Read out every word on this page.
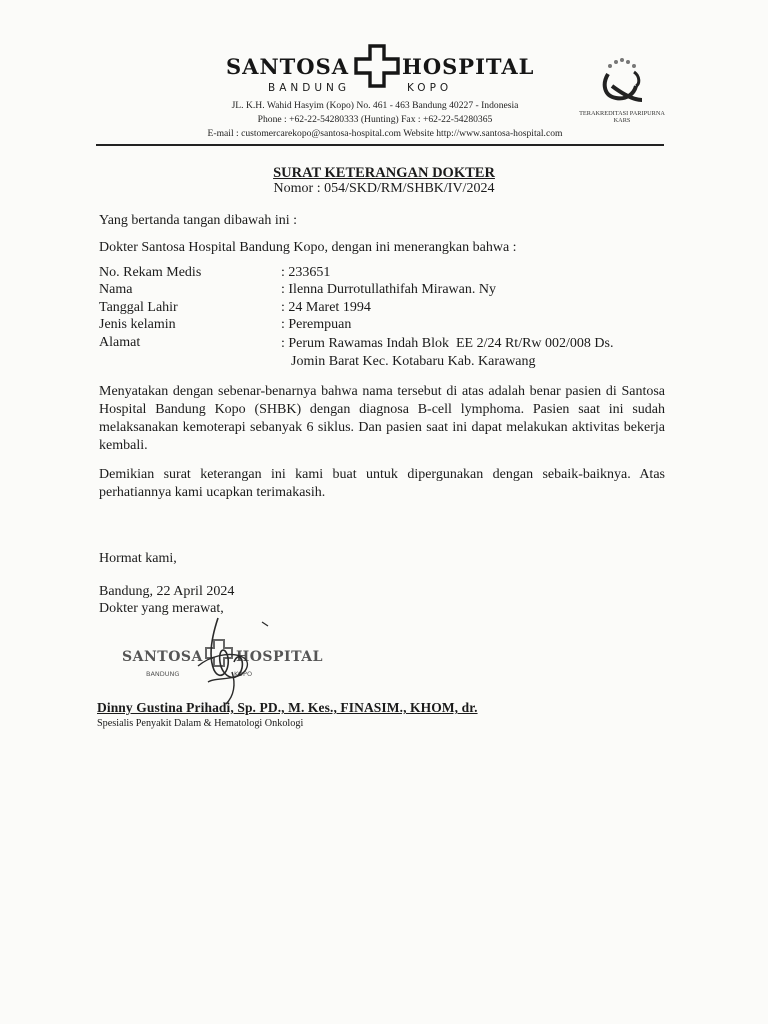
SANTOSA	HOSPITAL
BANDUNG	KOPO
JL. K.H. Wahid Hasyim (Kopo) No. 461 - 463 Bandung 40227 - Indonesia
Phone : +62-22-54280333 (Hunting) Fax : +62-22-54280365
E-mail : customercarekopo@santosa-hospital.com Website http://www.santosa-hospital.com
TERAKREDITASI PARIPURNA
KARS
SURAT KETERANGAN DOKTER
Nomor : 054/SKD/RM/SHBK/IV/2024
Yang bertanda tangan dibawah ini :
Dokter Santosa Hospital Bandung Kopo, dengan ini menerangkan bahwa :
No. Rekam Medis	: 233651
Nama	: Ilenna Durrotullathifah Mirawan. Ny
Tanggal Lahir	: 24 Maret 1994
Jenis kelamin	: Perempuan
Alamat	: Perum Rawamas Indah Blok  EE 2/24 Rt/Rw 002/008 Ds.
Jomin Barat Kec. Kotabaru Kab. Karawang
Menyatakan dengan sebenar-benarnya bahwa nama tersebut di atas adalah benar pasien di Santosa Hospital Bandung Kopo (SHBK) dengan diagnosa B-cell lymphoma. Pasien saat ini sudah melaksanakan kemoterapi sebanyak 6 siklus. Dan pasien saat ini dapat melakukan aktivitas bekerja kembali.
Demikian surat keterangan ini kami buat untuk dipergunakan dengan sebaik-baiknya. Atas perhatiannya kami ucapkan terimakasih.
Hormat kami,
Bandung, 22 April 2024
Dokter yang merawat,
SANTOSA HOSPITAL
BANDUNG	KOPO
Dinny Gustina Prihadi, Sp. PD., M. Kes., FINASIM., KHOM, dr.
Spesialis Penyakit Dalam & Hematologi Onkologi
